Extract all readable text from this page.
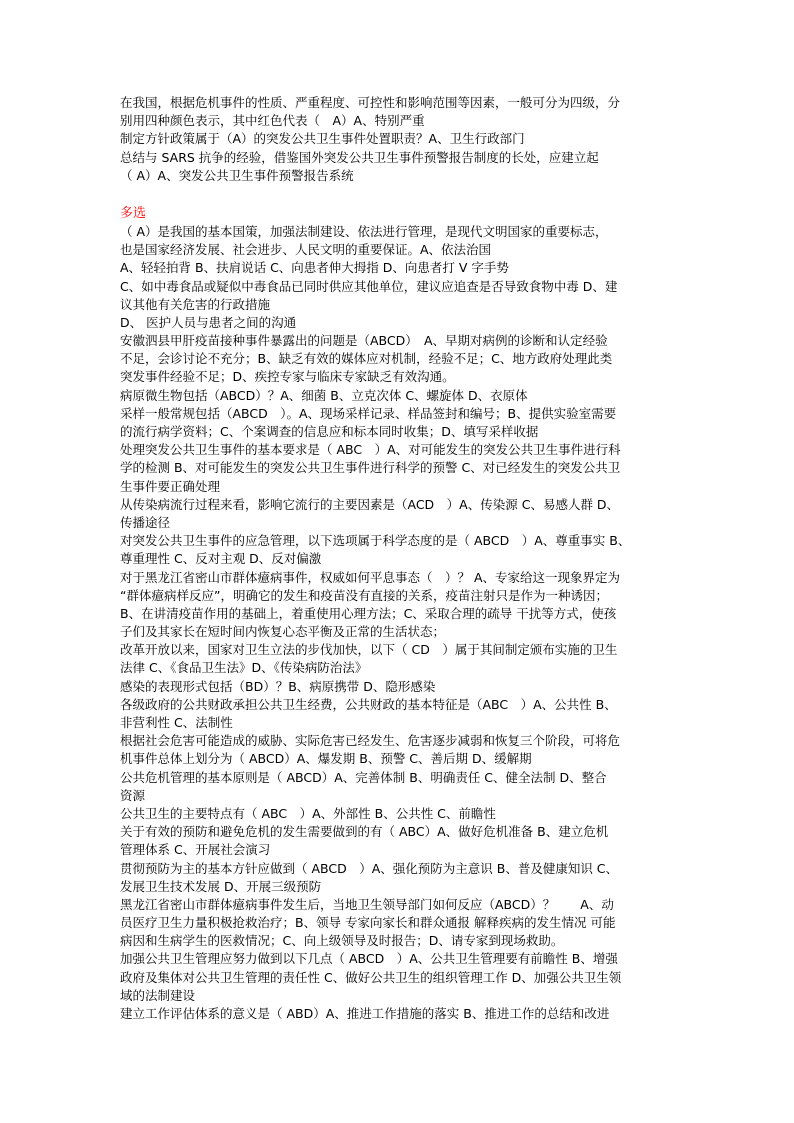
在我国，根据危机事件的性质、严重程度、可控性和影响范围等因素，一般可分为四级，分
别用四种颜色表示，其中红色代表（　A）A、特别严重
制定方针政策属于（A）的突发公共卫生事件处置职责？A、卫生行政部门
总结与 SARS 抗争的经验，借鉴国外突发公共卫生事件预警报告制度的长处，应建立起
（ A）A、突发公共卫生事件预警报告系统
多选
（ A）是我国的基本国策，加强法制建设、依法进行管理，是现代文明国家的重要标志，
也是国家经济发展、社会进步、人民文明的重要保证。A、依法治国
A、轻轻拍背 B、扶肩说话 C、向患者伸大拇指 D、向患者打 V 字手势
C、如中毒食品或疑似中毒食品已同时供应其他单位，建议应追查是否导致食物中毒 D、建
议其他有关危害的行政措施
D、 医护人员与患者之间的沟通
安徽泗县甲肝疫苗接种事件暴露出的问题是（ABCD）　A、早期对病例的诊断和认定经验
不足，会诊讨论不充分；B、缺乏有效的媒体应对机制，经验不足；C、地方政府处理此类
突发事件经验不足；D、疾控专家与临床专家缺乏有效沟通。
病原微生物包括（ABCD）？A、细菌 B、立克次体 C、螺旋体 D、衣原体
采样一般常规包括（ABCD　）。A、现场采样记录、样品签封和编号；B、提供实验室需要
的流行病学资料；C、个案调查的信息应和标本同时收集；D、填写采样收据
处理突发公共卫生事件的基本要求是（ ABC　）A、对可能发生的突发公共卫生事件进行科
学的检测 B、对可能发生的突发公共卫生事件进行科学的预警 C、对已经发生的突发公共卫
生事件要正确处理
从传染病流行过程来看，影响它流行的主要因素是（ACD　）A、传染源 C、易感人群 D、
传播途径
对突发公共卫生事件的应急管理，以下选项属于科学态度的是（ ABCD　）A、尊重事实 B、
尊重理性 C、反对主观 D、反对偏激
对于黑龙江省密山市群体癔病事件，权威如何平息事态（　）？ A、专家给这一现象界定为
“群体癔病样反应”，明确它的发生和疫苗没有直接的关系，疫苗注射只是作为一种诱因；
B、在讲清疫苗作用的基础上，着重使用心理方法；C、采取合理的疏导 干扰等方式，使孩
子们及其家长在短时间内恢复心态平衡及正常的生活状态；
改革开放以来，国家对卫生立法的步伐加快，以下（ CD　）属于其间制定颁布实施的卫生
法律 C、《食品卫生法》D、《传染病防治法》
感染的表现形式包括（BD）？B、病原携带 D、隐形感染
各级政府的公共财政承担公共卫生经费，公共财政的基本特征是（ABC　）A、公共性 B、
非营利性 C、法制性
根据社会危害可能造成的威胁、实际危害已经发生、危害逐步减弱和恢复三个阶段，可将危
机事件总体上划分为（ ABCD）A、爆发期 B、预警 C、善后期 D、缓解期
公共危机管理的基本原则是（ ABCD）A、完善体制 B、明确责任 C、健全法制 D、整合
资源
公共卫生的主要特点有（ ABC　）A、外部性 B、公共性 C、前瞻性
关于有效的预防和避免危机的发生需要做到的有（ ABC）A、做好危机准备 B、建立危机
管理体系 C、开展社会演习
贯彻预防为主的基本方针应做到（ ABCD　）A、强化预防为主意识 B、普及健康知识 C、
发展卫生技术发展 D、开展三级预防
黑龙江省密山市群体癔病事件发生后，当地卫生领导部门如何反应（ABCD）？　　A、动
员医疗卫生力量积极抢救治疗；B、领导 专家向家长和群众通报 解释疾病的发生情况 可能
病因和生病学生的医救情况；C、向上级领导及时报告；D、请专家到现场救助。
加强公共卫生管理应努力做到以下几点（ ABCD　）A、公共卫生管理要有前瞻性 B、增强
政府及集体对公共卫生管理的责任性 C、做好公共卫生的组织管理工作 D、加强公共卫生领
域的法制建设
建立工作评估体系的意义是（ ABD）A、推进工作措施的落实 B、推进工作的总结和改进
